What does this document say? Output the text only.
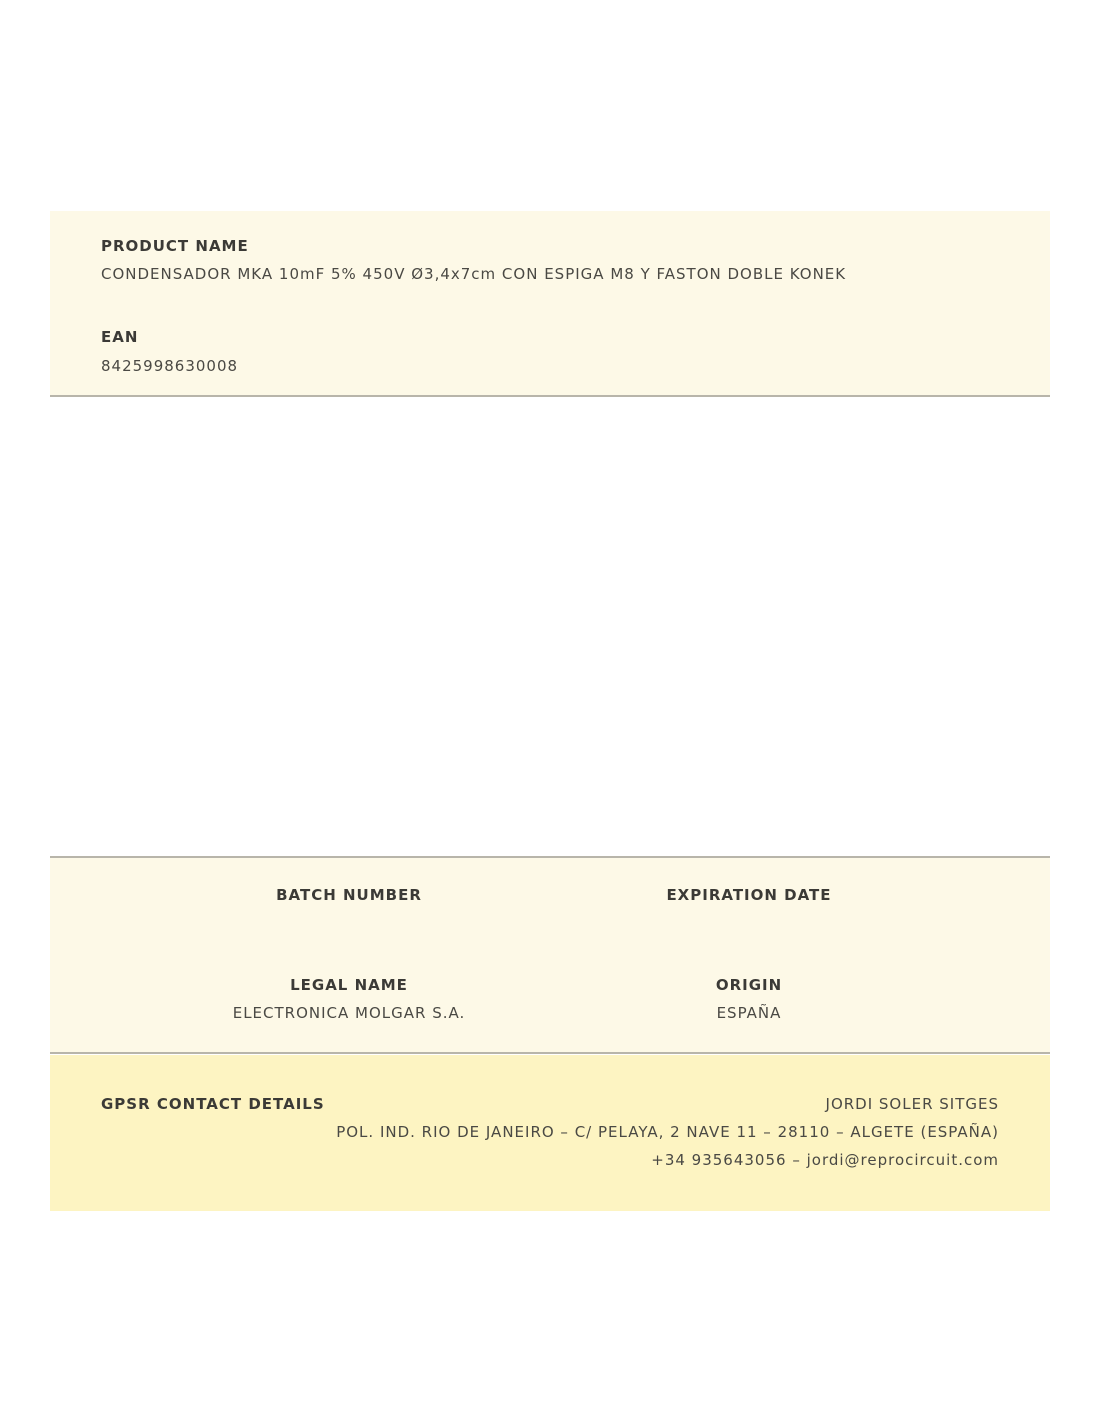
PRODUCT NAME
CONDENSADOR MKA 10mF 5% 450V Ø3,4x7cm CON ESPIGA M8 Y FASTON DOBLE KONEK
EAN
8425998630008
BATCH NUMBER	EXPIRATION DATE
LEGAL NAME
ELECTRONICA MOLGAR S.A.
ORIGIN
ESPAÑA
GPSR CONTACT DETAILS	JORDI SOLER SITGES
POL. IND. RIO DE JANEIRO – C/ PELAYA, 2 NAVE 11 – 28110 – ALGETE (ESPAÑA)
+34 935643056 – jordi@reprocircuit.com
